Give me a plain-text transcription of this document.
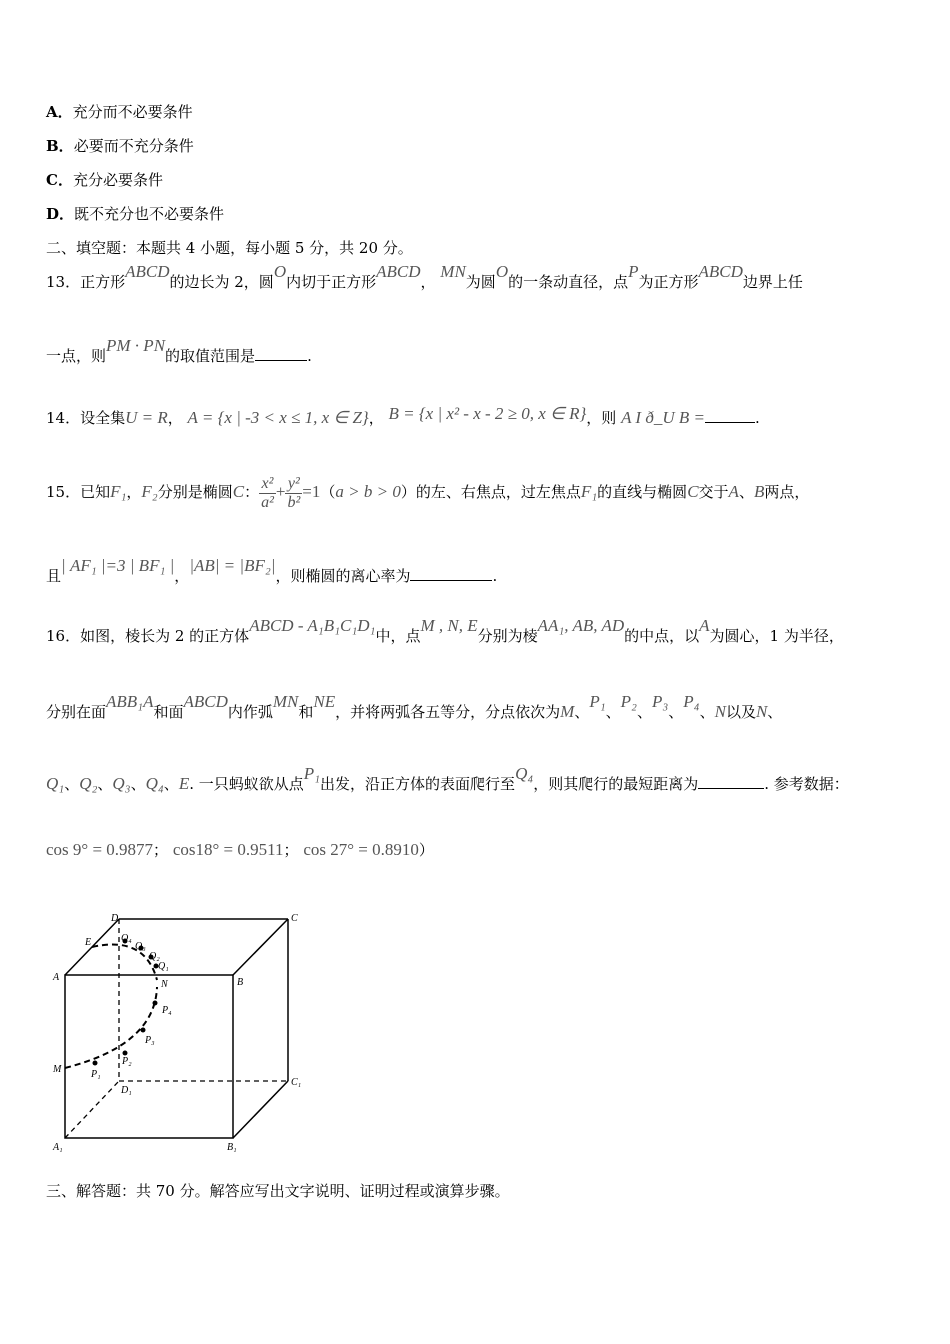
A．充分而不必要条件
B．必要而不充分条件
C．充分必要条件
D．既不充分也不必要条件
二、填空题：本题共 4 小题，每小题 5 分，共 20 分。
13．正方形ABCD的边长为 2，圆O内切于正方形ABCD， MN为圆O的一条动直径，点P为正方形ABCD边界上任
一点，则PM · PN的取值范围是	.
14．设全集U = R， A = {x | -3 < x ≤ 1, x ∈ Z}， B = {x | x² - x - 2 ≥ 0, x ∈ R}，则 A I ð_U B =	.
15．已知F₁，F₂分别是椭圆C： $\frac{\text{x²}}{\text{a²}} + \frac{\text{y²}}{\text{b²}} =1(a > b > 0)$的左、右焦点，过左焦点F₁的直线与椭圆C交于A、B两点，
且| AF₁ |=3 | BF₁ |，|AB| = |BF₂|，则椭圆的离心率为	.
16．如图，棱长为 2 的正方体ABCD - A₁B₁C₁D₁中，点M , N, E分别为棱AA₁, AB, AD的中点，以A为圆心，1 为半径，
分别在面ABB₁A和面ABCD内作弧MN和NE，并将两弧各五等分，分点依次为M、P₁、P₂、P₃、P₄、N以及N、
Q₁、Q₂、Q₃、Q₄、E. 一只蚂蚁欲从点P₁出发，沿正方体的表面爬行至Q₄，则其爬行的最短距离为	. 参考数据：
cos 9° = 0.9877； cos18° = 0.9511； cos 27° = 0.8910）
D	C
A	B
E	Q₄
Q₃
Q₂
Q₁
N
P₄
P₃
P₂
P₁
M
D₁
C₁
A₁	B₁
三、解答题：共 70 分。解答应写出文字说明、证明过程或演算步骤。
